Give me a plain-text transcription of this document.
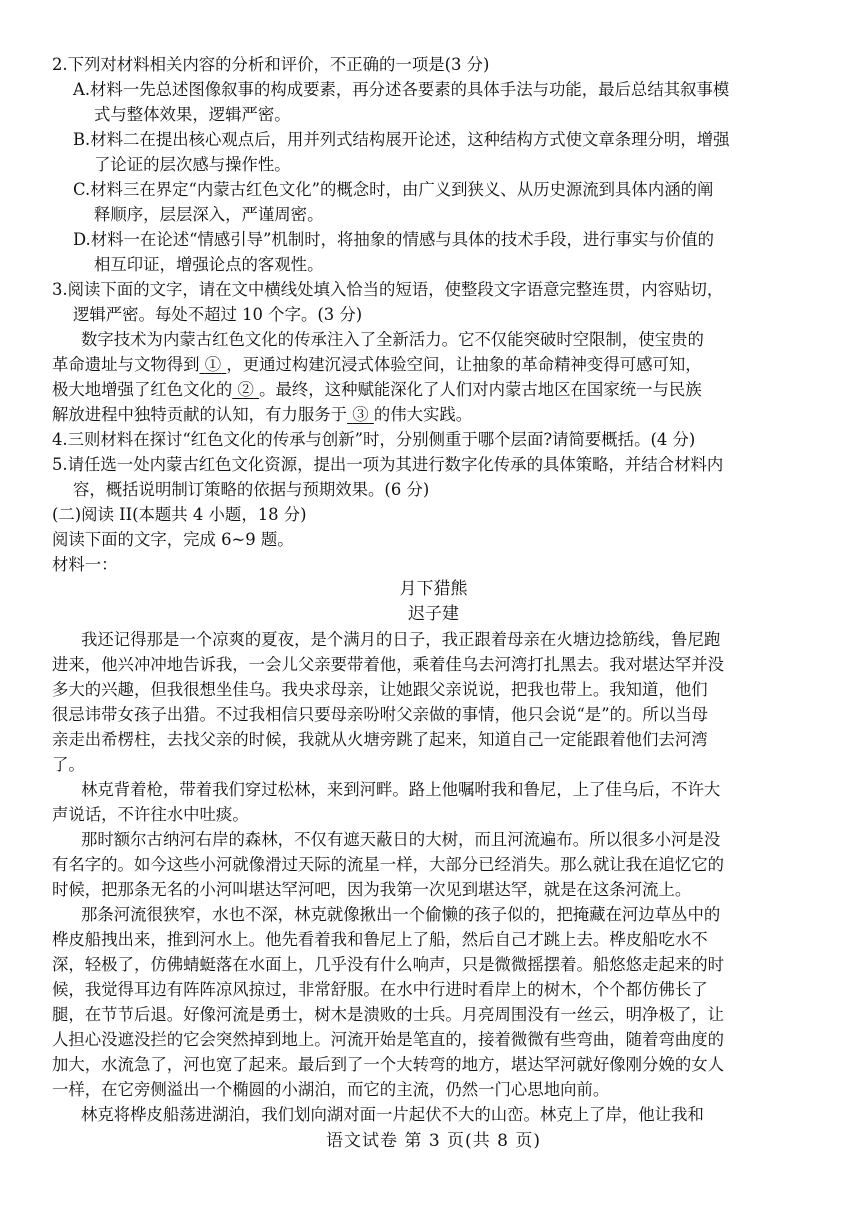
2.下列对材料相关内容的分析和评价，不正确的一项是(3 分)

A.材料一先总述图像叙事的构成要素，再分述各要素的具体手法与功能，最后总结其叙事模

式与整体效果，逻辑严密。

B.材料二在提出核心观点后，用并列式结构展开论述，这种结构方式使文章条理分明，增强

了论证的层次感与操作性。

C.材料三在界定“内蒙古红色文化”的概念时，由广义到狭义、从历史源流到具体内涵的阐

释顺序，层层深入，严谨周密。

D.材料一在论述“情感引导”机制时，将抽象的情感与具体的技术手段，进行事实与价值的

相互印证，增强论点的客观性。

3.阅读下面的文字，请在文中横线处填入恰当的短语，使整段文字语意完整连贯，内容贴切，

逻辑严密。每处不超过 10 个字。(3 分)

数字技术为内蒙古红色文化的传承注入了全新活力。它不仅能突破时空限制，使宝贵的

革命遗址与文物得到 ① ，更通过构建沉浸式体验空间，让抽象的革命精神变得可感可知，

极大地增强了红色文化的 ② 。最终，这种赋能深化了人们对内蒙古地区在国家统一与民族

解放进程中独特贡献的认知，有力服务于 ③ 的伟大实践。

4.三则材料在探讨“红色文化的传承与创新”时，分别侧重于哪个层面?请简要概括。(4 分)

5.请任选一处内蒙古红色文化资源，提出一项为其进行数字化传承的具体策略，并结合材料内

容，概括说明制订策略的依据与预期效果。(6 分)

(二)阅读 II(本题共 4 小题，18 分)

阅读下面的文字，完成 6~9 题。

材料一：

月下猎熊

迟子建

我还记得那是一个凉爽的夏夜，是个满月的日子，我正跟着母亲在火塘边捻筋线，鲁尼跑

进来，他兴冲冲地告诉我，一会儿父亲要带着他，乘着佳乌去河湾打扎黑去。我对堪达罕并没

多大的兴趣，但我很想坐佳乌。我央求母亲，让她跟父亲说说，把我也带上。我知道，他们

很忌讳带女孩子出猎。不过我相信只要母亲吩咐父亲做的事情，他只会说“是”的。所以当母

亲走出希楞柱，去找父亲的时候，我就从火塘旁跳了起来，知道自己一定能跟着他们去河湾

了。

林克背着枪，带着我们穿过松林，来到河畔。路上他嘱咐我和鲁尼，上了佳乌后，不许大

声说话，不许往水中吐痰。

那时额尔古纳河右岸的森林，不仅有遮天蔽日的大树，而且河流遍布。所以很多小河是没

有名字的。如今这些小河就像滑过天际的流星一样，大部分已经消失。那么就让我在追忆它的

时候，把那条无名的小河叫堪达罕河吧，因为我第一次见到堪达罕，就是在这条河流上。

那条河流很狭窄，水也不深，林克就像揪出一个偷懒的孩子似的，把掩藏在河边草丛中的

桦皮船拽出来，推到河水上。他先看着我和鲁尼上了船，然后自己才跳上去。桦皮船吃水不

深，轻极了，仿佛蜻蜓落在水面上，几乎没有什么响声，只是微微摇摆着。船悠悠走起来的时

候，我觉得耳边有阵阵凉风掠过，非常舒服。在水中行进时看岸上的树木，个个都仿佛长了

腿，在节节后退。好像河流是勇士，树木是溃败的士兵。月亮周围没有一丝云，明净极了，让

人担心没遮没拦的它会突然掉到地上。河流开始是笔直的，接着微微有些弯曲，随着弯曲度的

加大，水流急了，河也宽了起来。最后到了一个大转弯的地方，堪达罕河就好像刚分娩的女人

一样，在它旁侧溢出一个椭圆的小湖泊，而它的主流，仍然一门心思地向前。

林克将桦皮船荡进湖泊，我们划向湖对面一片起伏不大的山峦。林克上了岸，他让我和

语文试卷 第 3 页(共 8 页)
